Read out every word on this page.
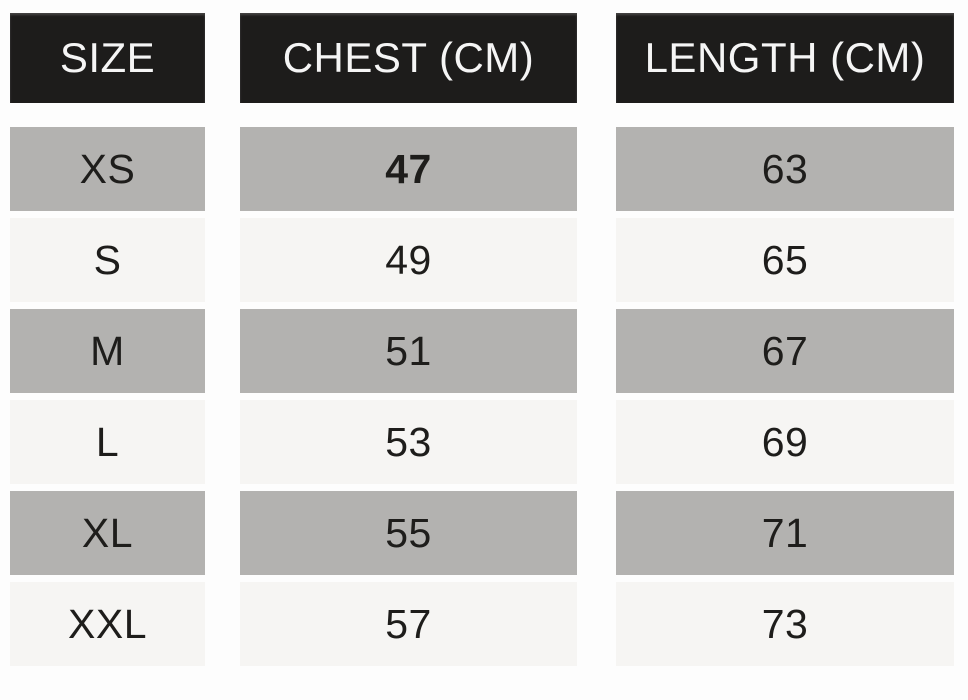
SIZE	CHEST (CM)	LENGTH (CM)
XS	47	63
S	49	65
M	51	67
L	53	69
XL	55	71
XXL	57	73
